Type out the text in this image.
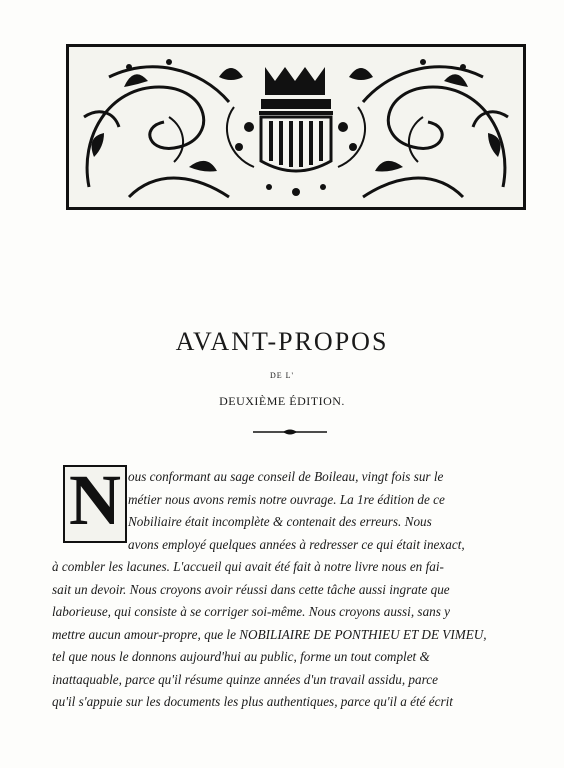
AVANT-PROPOS
DE L'
DEUXIÈME ÉDITION.
N ous conformant au sage conseil de Boileau, vingt fois sur le
métier nous avons remis notre ouvrage. La 1re édition de ce
Nobiliaire était incomplète & contenait des erreurs. Nous
avons employé quelques années à redresser ce qui était inexact,
à combler les lacunes. L'accueil qui avait été fait à notre livre nous en fai-
sait un devoir. Nous croyons avoir réussi dans cette tâche aussi ingrate que
laborieuse, qui consiste à se corriger soi-même. Nous croyons aussi, sans y
mettre aucun amour-propre, que le NOBILIAIRE DE PONTHIEU ET DE VIMEU,
tel que nous le donnons aujourd'hui au public, forme un tout complet &
inattaquable, parce qu'il résume quinze années d'un travail assidu, parce
qu'il s'appuie sur les documents les plus authentiques, parce qu'il a été écrit
